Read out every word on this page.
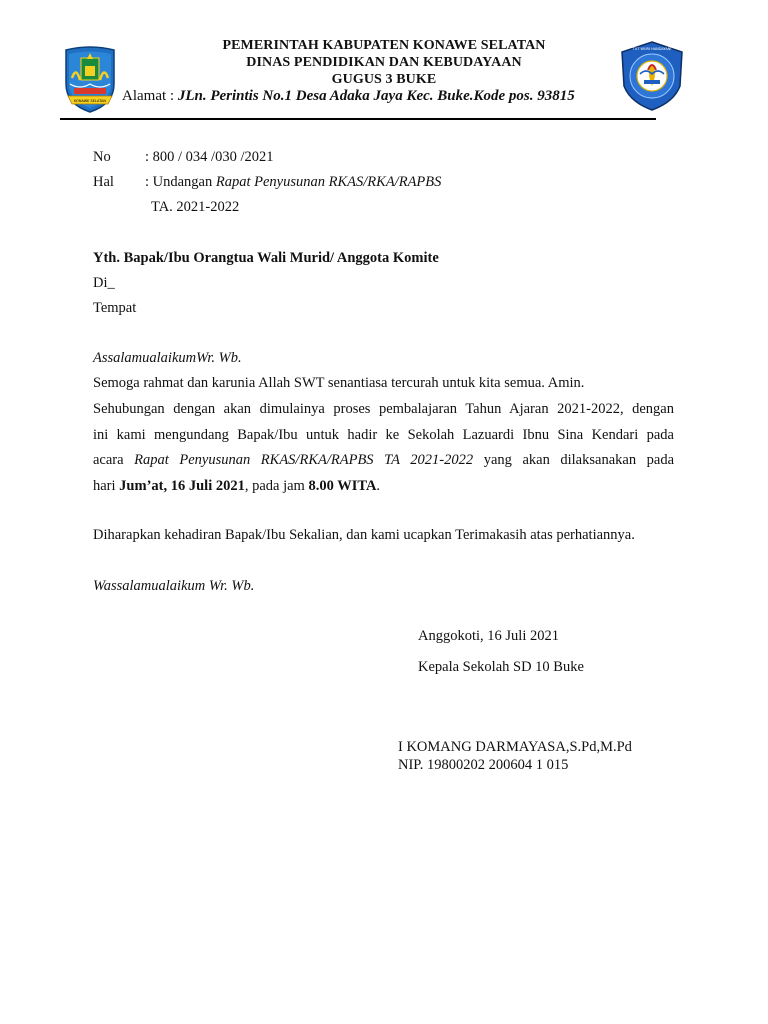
KONAWE SELATAN
TUT WURI HANDAYANI
PEMERINTAH KABUPATEN KONAWE SELATAN
DINAS PENDIDIKAN DAN KEBUDAYAAN
GUGUS 3 BUKE
Alamat : JLn. Perintis No.1 Desa Adaka Jaya Kec. Buke.Kode pos. 93815
No : 800 / 034 /030 /2021
Hal : Undangan Rapat Penyusunan RKAS/RKA/RAPBS
TA. 2021-2022
Yth. Bapak/Ibu Orangtua Wali Murid/ Anggota Komite
Di_
Tempat
AssalamualaikumWr. Wb.
Semoga rahmat dan karunia Allah SWT senantiasa tercurah untuk kita semua. Amin.
Sehubungan dengan akan dimulainya proses pembalajaran Tahun Ajaran 2021-2022, dengan
ini kami mengundang Bapak/Ibu untuk hadir ke Sekolah Lazuardi Ibnu Sina Kendari pada
acara Rapat Penyusunan RKAS/RKA/RAPBS TA 2021-2022 yang akan dilaksanakan pada
hari Jum’at, 16 Juli 2021, pada jam 8.00 WITA.
Diharapkan kehadiran Bapak/Ibu Sekalian, dan kami ucapkan Terimakasih atas perhatiannya.
Wassalamualaikum Wr. Wb.
Anggokoti, 16 Juli 2021
Kepala Sekolah SD 10 Buke
I KOMANG DARMAYASA,S.Pd,M.Pd
NIP. 19800202 200604 1 015
